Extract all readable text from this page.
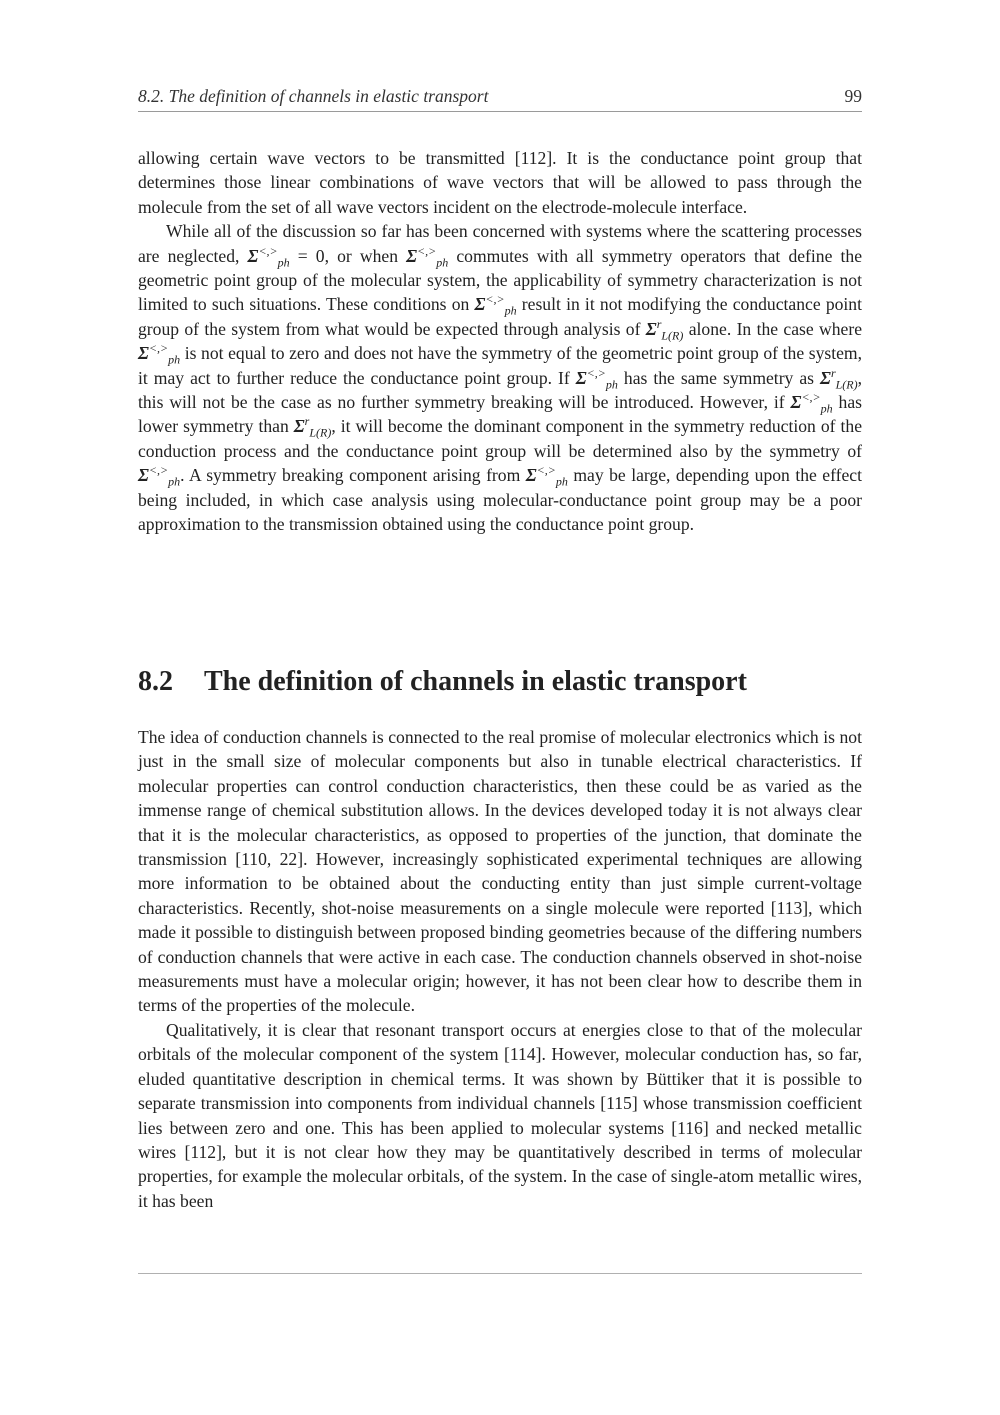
8.2. The definition of channels in elastic transport	99

allowing certain wave vectors to be transmitted [112]. It is the conductance point group that determines those linear combinations of wave vectors that will be allowed to pass through the molecule from the set of all wave vectors incident on the electrode-molecule interface.

While all of the discussion so far has been concerned with systems where the scattering processes are neglected, $\Sigma^{<,>}_{ph} = 0$, or when $\Sigma^{<,>}_{ph}$ commutes with all symmetry operators that define the geometric point group of the molecular system, the applicability of symmetry characterization is not limited to such situations. These conditions on $\Sigma^{<,>}_{ph}$ result in it not modifying the conductance point group of the system from what would be expected through analysis of $\Sigma^r_{L(R)}$ alone. In the case where $\Sigma^{<,>}_{ph}$ is not equal to zero and does not have the symmetry of the geometric point group of the system, it may act to further reduce the conductance point group. If $\Sigma^{<,>}_{ph}$ has the same symmetry as $\Sigma^r_{L(R)}$, this will not be the case as no further symmetry breaking will be introduced. However, if $\Sigma^{<,>}_{ph}$ has lower symmetry than $\Sigma^r_{L(R)}$, it will become the dominant component in the symmetry reduction of the conduction process and the conductance point group will be determined also by the symmetry of $\Sigma^{<,>}_{ph}$. A symmetry breaking component arising from $\Sigma^{<,>}_{ph}$ may be large, depending upon the effect being included, in which case analysis using molecular-conductance point group may be a poor approximation to the transmission obtained using the conductance point group.

8.2 The definition of channels in elastic transport

The idea of conduction channels is connected to the real promise of molecular electronics which is not just in the small size of molecular components but also in tunable electrical characteristics. If molecular properties can control conduction characteristics, then these could be as varied as the immense range of chemical substitution allows. In the devices developed today it is not always clear that it is the molecular characteristics, as opposed to properties of the junction, that dominate the transmission [110, 22]. However, increasingly sophisticated experimental techniques are allowing more information to be obtained about the conducting entity than just simple current-voltage characteristics. Recently, shot-noise measurements on a single molecule were reported [113], which made it possible to distinguish between proposed binding geometries because of the differing numbers of conduction channels that were active in each case. The conduction channels observed in shot-noise measurements must have a molecular origin; however, it has not been clear how to describe them in terms of the properties of the molecule.

Qualitatively, it is clear that resonant transport occurs at energies close to that of the molecular orbitals of the molecular component of the system [114]. However, molecular conduction has, so far, eluded quantitative description in chemical terms. It was shown by Büttiker that it is possible to separate transmission into components from individual channels [115] whose transmission coefficient lies between zero and one. This has been applied to molecular systems [116] and necked metallic wires [112], but it is not clear how they may be quantitatively described in terms of molecular properties, for example the molecular orbitals, of the system. In the case of single-atom metallic wires, it has been
